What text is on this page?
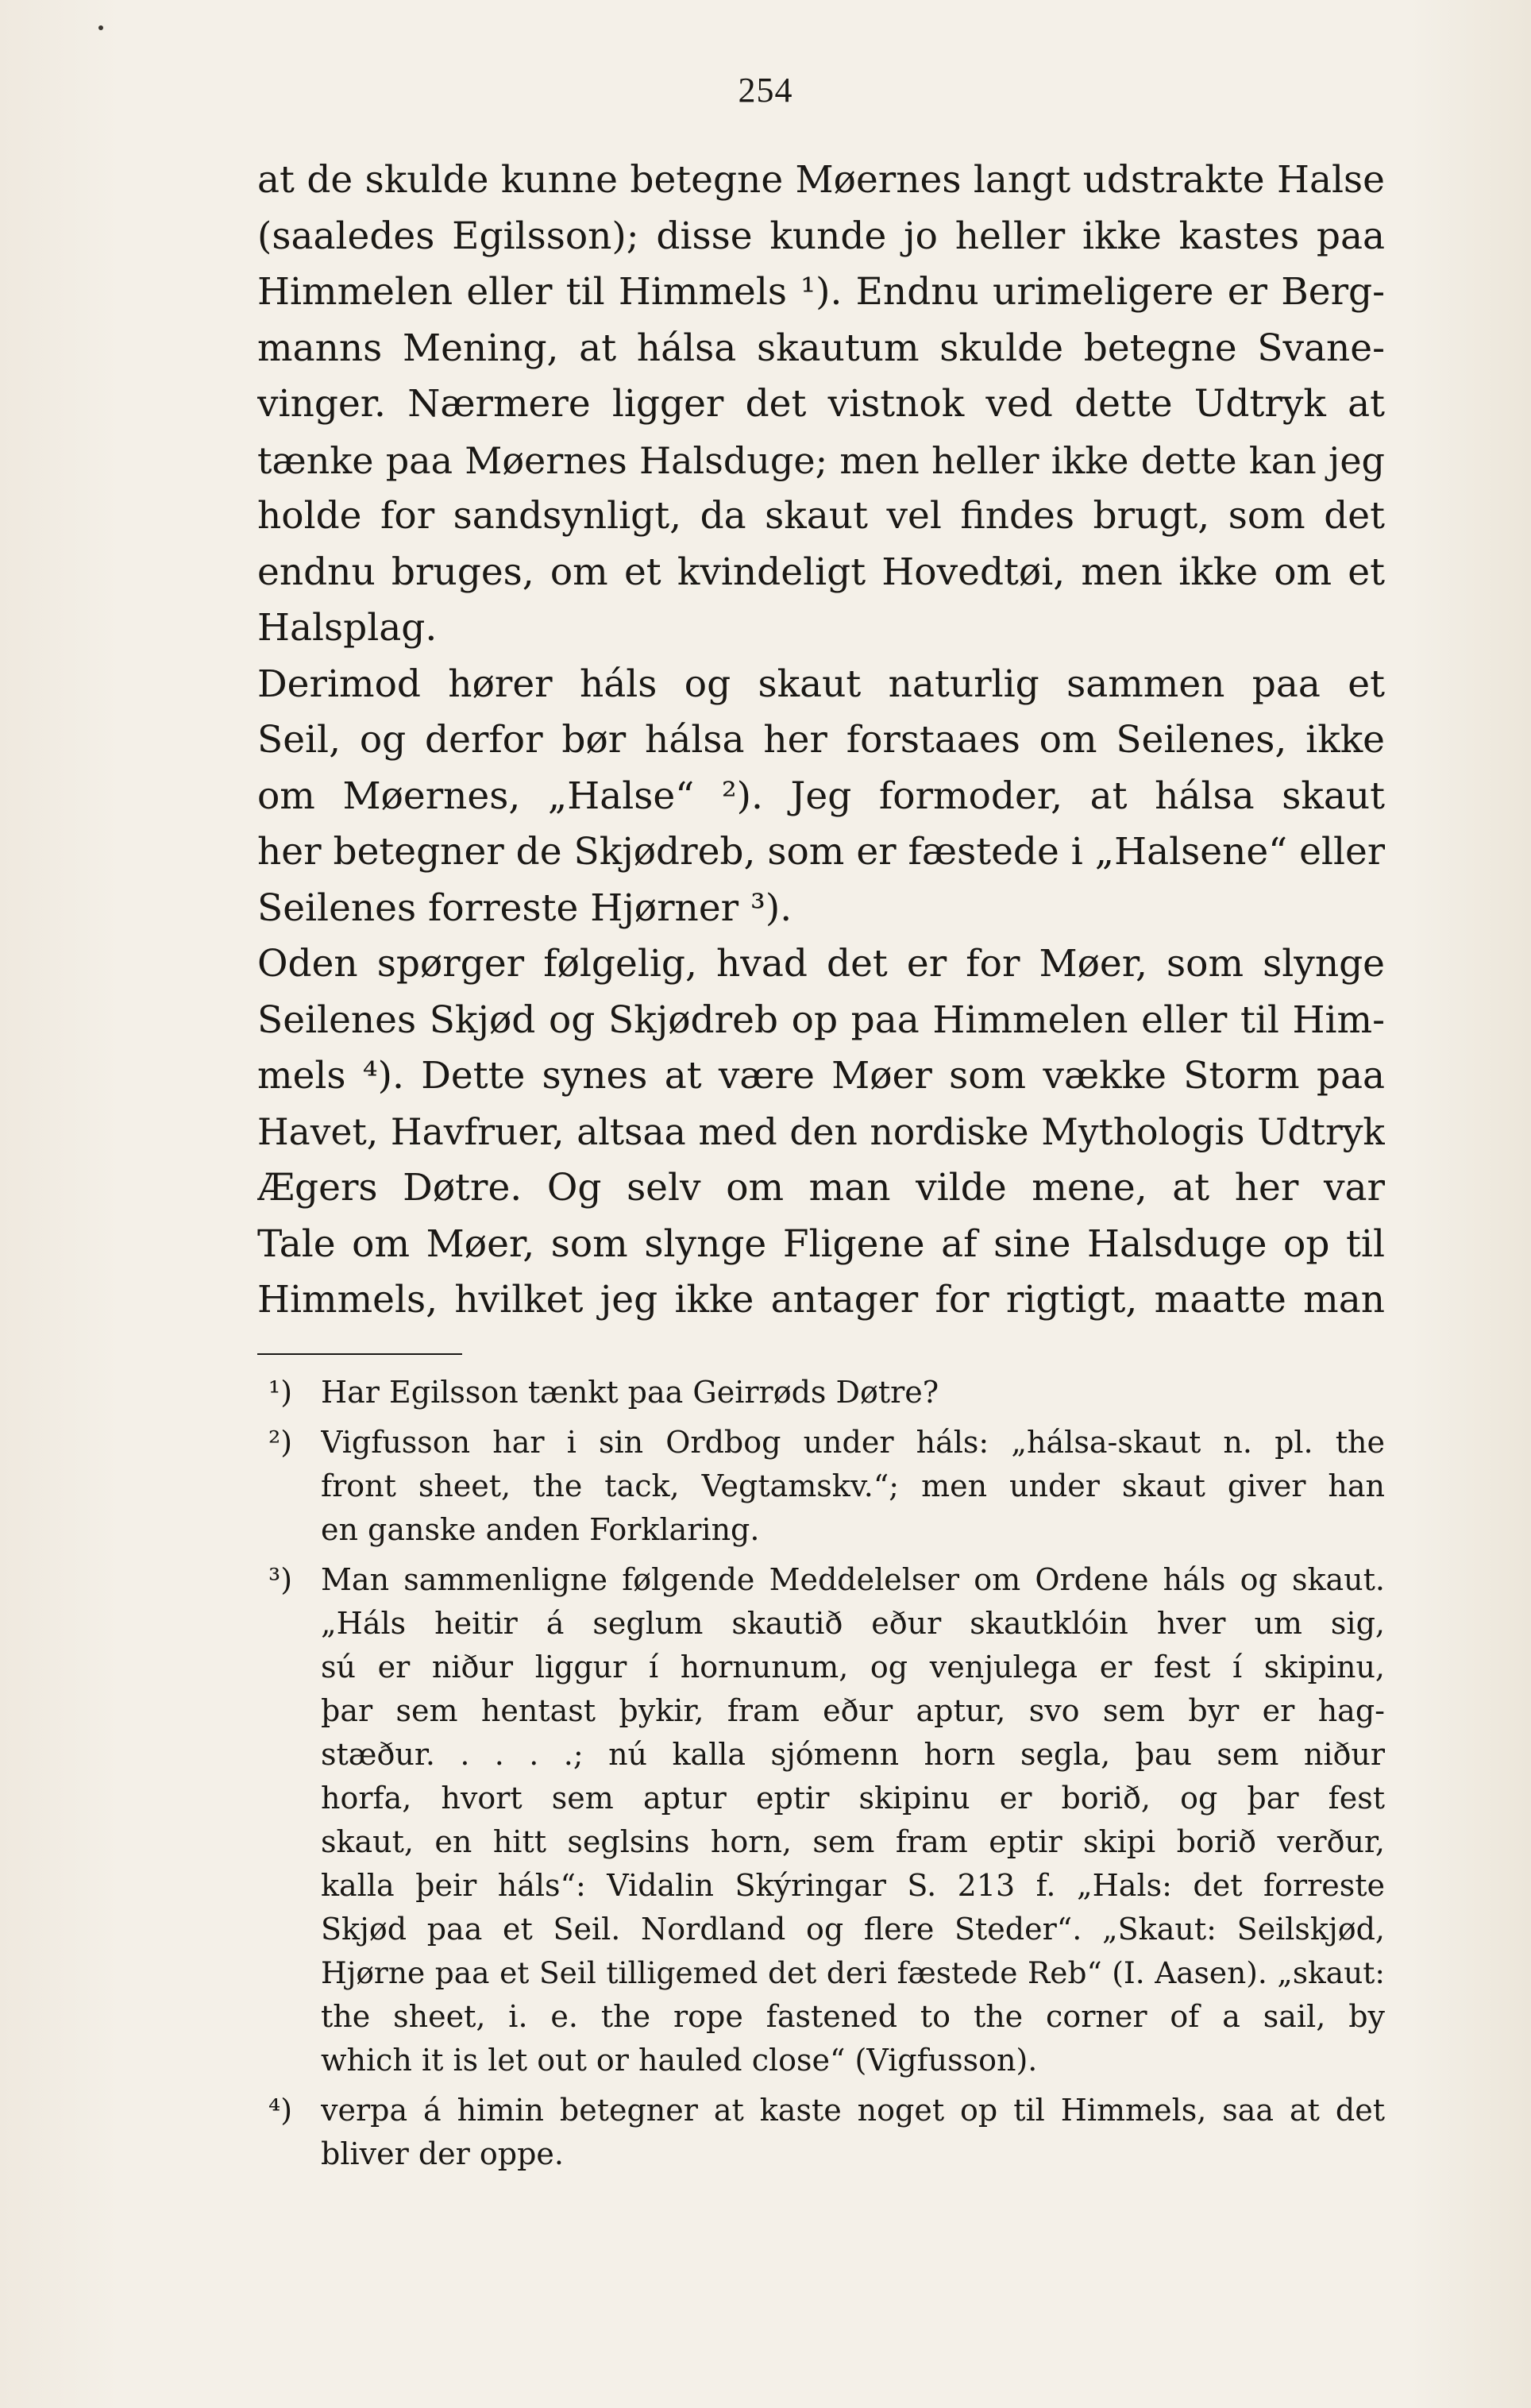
254
at de skulde kunne betegne Møernes langt udstrakte Halse
(saaledes Egilsson); disse kunde jo heller ikke kastes paa
Himmelen eller til Himmels ¹). Endnu urimeligere er Berg-
manns Mening, at hálsa skautum skulde betegne Svane-
vinger. Nærmere ligger det vistnok ved dette Udtryk at
tænke paa Møernes Halsduge; men heller ikke dette kan jeg
holde for sandsynligt, da skaut vel findes brugt, som det
endnu bruges, om et kvindeligt Hovedtøi, men ikke om et
Halsplag.
Derimod hører háls og skaut naturlig sammen paa et
Seil, og derfor bør hálsa her forstaaes om Seilenes, ikke
om Møernes, „Halse“ ²). Jeg formoder, at hálsa skaut
her betegner de Skjødreb, som er fæstede i „Halsene“ eller
Seilenes forreste Hjørner ³).
Oden spørger følgelig, hvad det er for Møer, som slynge
Seilenes Skjød og Skjødreb op paa Himmelen eller til Him-
mels ⁴). Dette synes at være Møer som vække Storm paa
Havet, Havfruer, altsaa med den nordiske Mythologis Udtryk
Ægers Døtre. Og selv om man vilde mene, at her var
Tale om Møer, som slynge Fligene af sine Halsduge op til
Himmels, hvilket jeg ikke antager for rigtigt, maatte man
¹) Har Egilsson tænkt paa Geirrøds Døtre?
²) Vigfusson har i sin Ordbog under háls: „hálsa-skaut n. pl. the
front sheet, the tack, Vegtamskv.“; men under skaut giver han
en ganske anden Forklaring.
³) Man sammenligne følgende Meddelelser om Ordene háls og skaut.
„Háls heitir á seglum skautið eður skautklóin hver um sig,
sú er niður liggur í hornunum, og venjulega er fest í skipinu,
þar sem hentast þykir, fram eður aptur, svo sem byr er hag-
stæður. . . . .; nú kalla sjómenn horn segla, þau sem niður
horfa, hvort sem aptur eptir skipinu er borið, og þar fest
skaut, en hitt seglsins horn, sem fram eptir skipi borið verður,
kalla þeir háls“: Vidalin Skýringar S. 213 f. „Hals: det forreste
Skjød paa et Seil. Nordland og flere Steder“. „Skaut: Seilskjød,
Hjørne paa et Seil tilligemed det deri fæstede Reb“ (I. Aasen). „skaut:
the sheet, i. e. the rope fastened to the corner of a sail, by
which it is let out or hauled close“ (Vigfusson).
⁴) verpa á himin betegner at kaste noget op til Himmels, saa at det
bliver der oppe.
